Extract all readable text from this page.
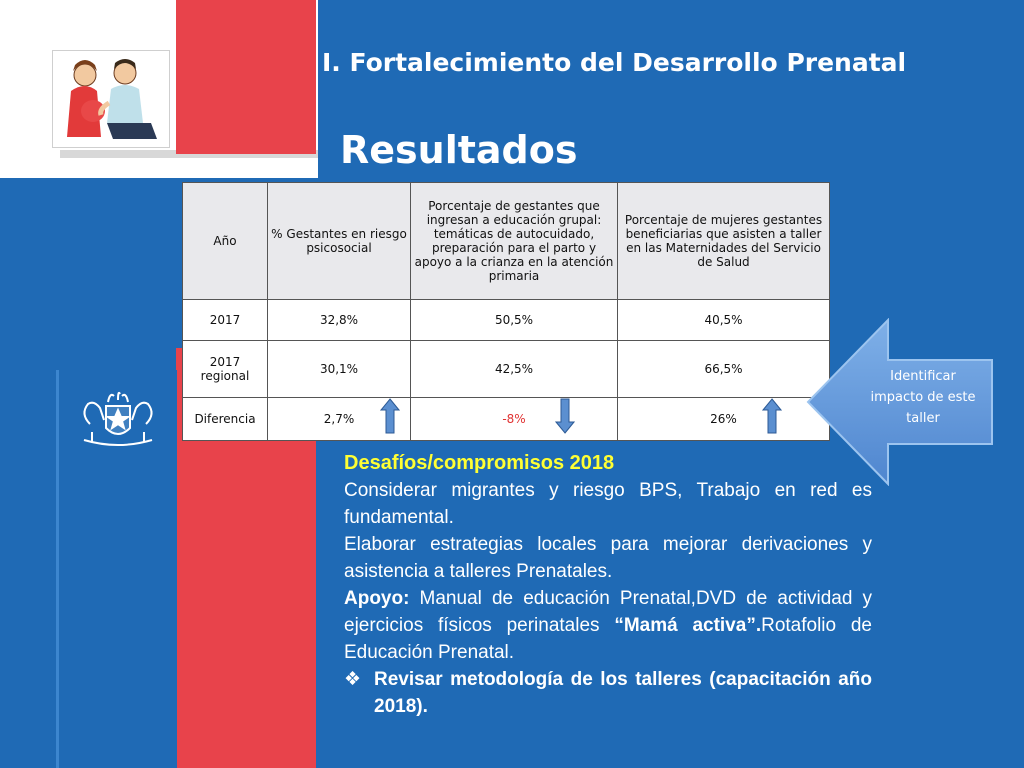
I. Fortalecimiento del Desarrollo Prenatal
Resultados
Año	% Gestantes en riesgo psicosocial	Porcentaje de gestantes que ingresan a educación grupal: temáticas de autocuidado, preparación para el parto y apoyo a la crianza en la atención primaria	Porcentaje de mujeres gestantes beneficiarias que asisten a taller en las Maternidades del Servicio de Salud
2017	32,8%	50,5%	40,5%
2017 regional	30,1%	42,5%	66,5%
Diferencia	2,7%	-8%	26%
Identificar impacto de este taller

Desafíos/compromisos 2018

Considerar migrantes y riesgo BPS, Trabajo en red es fundamental.

Elaborar estrategias locales para mejorar derivaciones y asistencia a talleres Prenatales.

Apoyo: Manual de educación Prenatal,DVD de actividad y ejercicios físicos perinatales “Mamá activa”.Rotafolio de Educación Prenatal.

❖ Revisar metodología de los talleres (capacitación año 2018).
